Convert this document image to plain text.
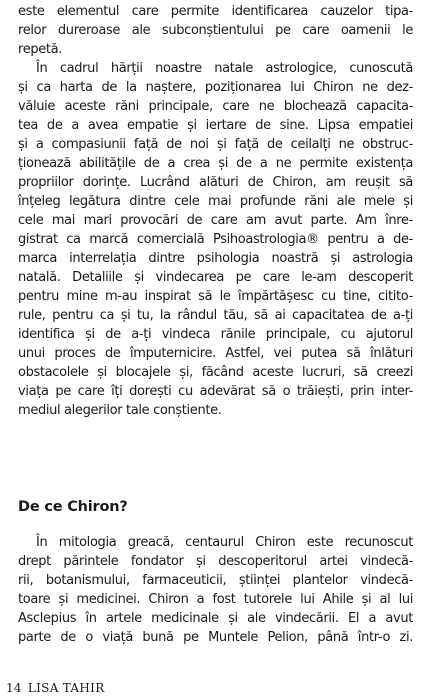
este elementul care permite identificarea cauzelor tipa-
relor dureroase ale subconștientului pe care oamenii le
repetă.
În cadrul hărții noastre natale astrologice, cunoscută
și ca harta de la naștere, poziționarea lui Chiron ne dez-
văluie aceste răni principale, care ne blochează capacita-
tea de a avea empatie și iertare de sine. Lipsa empatiei
și a compasiunii față de noi și față de ceilalți ne obstruc-
ționează abilitățile de a crea și de a ne permite existența
propriilor dorințe. Lucrând alături de Chiron, am reușit să
înțeleg legătura dintre cele mai profunde răni ale mele și
cele mai mari provocări de care am avut parte. Am înre-
gistrat ca marcă comercială Psihoastrologia® pentru a de-
marca interrelația dintre psihologia noastră și astrologia
natală. Detaliile și vindecarea pe care le-am descoperit
pentru mine m-au inspirat să le împărtășesc cu tine, citito-
rule, pentru ca și tu, la rândul tău, să ai capacitatea de a-ți
identifica și de a-ți vindeca rănile principale, cu ajutorul
unui proces de împuternicire. Astfel, vei putea să înlături
obstacolele și blocajele și, făcând aceste lucruri, să creezi
viața pe care îți dorești cu adevărat să o trăiești, prin inter-
mediul alegerilor tale conștiente.
De ce Chiron?
În mitologia greacă, centaurul Chiron este recunoscut
drept părintele fondator și descoperitorul artei vindecă-
rii, botanismului, farmaceuticii, științei plantelor vindecă-
toare și medicinei. Chiron a fost tutorele lui Ahile și al lui
Asclepius în artele medicinale și ale vindecării. El a avut
parte de o viață bună pe Muntele Pelion, până într-o zi.
14 LISA TAHIR
